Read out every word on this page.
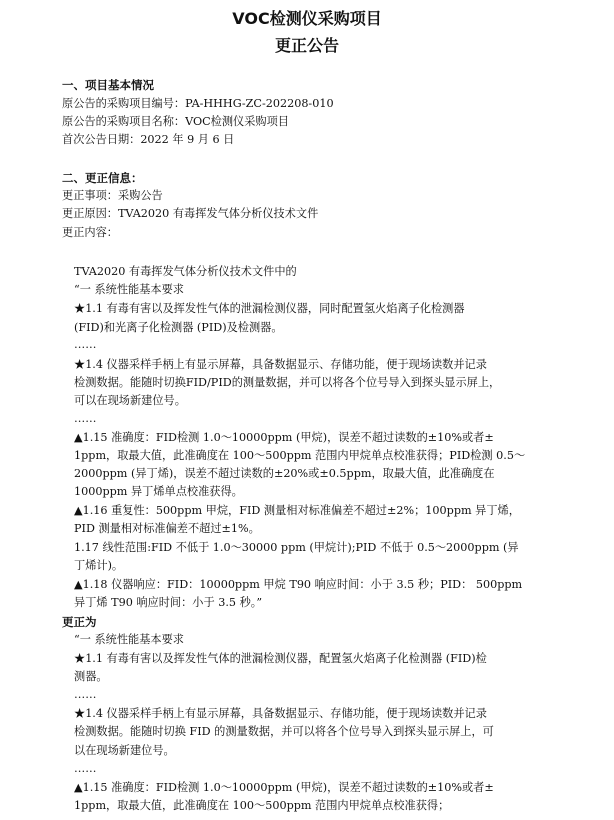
VOC检测仪采购项目
更正公告
一、项目基本情况
原公告的采购项目编号：PA-HHHG-ZC-202208-010
原公告的采购项目名称：VOC检测仪采购项目
首次公告日期：2022 年 9 月 6 日
二、更正信息：
更正事项：采购公告
更正原因：TVA2020 有毒挥发气体分析仪技术文件
更正内容：
TVA2020 有毒挥发气体分析仪技术文件中的
“一 系统性能基本要求
★1.1 有毒有害以及挥发性气体的泄漏检测仪器，同时配置氢火焰离子化检测器
(FID)和光离子化检测器 (PID)及检测器。
……
★1.4 仪器采样手柄上有显示屏幕，具备数据显示、存储功能，便于现场读数并记录
检测数据。能随时切换FID/PID的测量数据，并可以将各个位号导入到探头显示屏上，
可以在现场新建位号。
……
▲1.15 准确度：FID检测 1.0～10000ppm (甲烷)，误差不超过读数的±10%或者±
1ppm，取最大值，此准确度在 100～500ppm 范围内甲烷单点校准获得；PID检测 0.5～
2000ppm (异丁烯)，误差不超过读数的±20%或±0.5ppm，取最大值，此准确度在
1000ppm 异丁烯单点校准获得。
▲1.16 重复性：500ppm 甲烷，FID 测量相对标准偏差不超过±2%；100ppm 异丁烯，
PID 测量相对标准偏差不超过±1%。
1.17 线性范围:FID 不低于 1.0～30000 ppm (甲烷计);PID 不低于 0.5～2000ppm (异
丁烯计)。
▲1.18 仪器响应：FID：10000ppm 甲烷 T90 响应时间：小于 3.5 秒；PID： 500ppm
异丁烯 T90 响应时间：小于 3.5 秒。”
更正为
“一 系统性能基本要求
★1.1 有毒有害以及挥发性气体的泄漏检测仪器，配置氢火焰离子化检测器 (FID)检
测器。
……
★1.4 仪器采样手柄上有显示屏幕，具备数据显示、存储功能，便于现场读数并记录
检测数据。能随时切换 FID 的测量数据，并可以将各个位号导入到探头显示屏上，可
以在现场新建位号。
……
▲1.15 准确度：FID检测 1.0～10000ppm (甲烷)，误差不超过读数的±10%或者±
1ppm，取最大值，此准确度在 100～500ppm 范围内甲烷单点校准获得；
